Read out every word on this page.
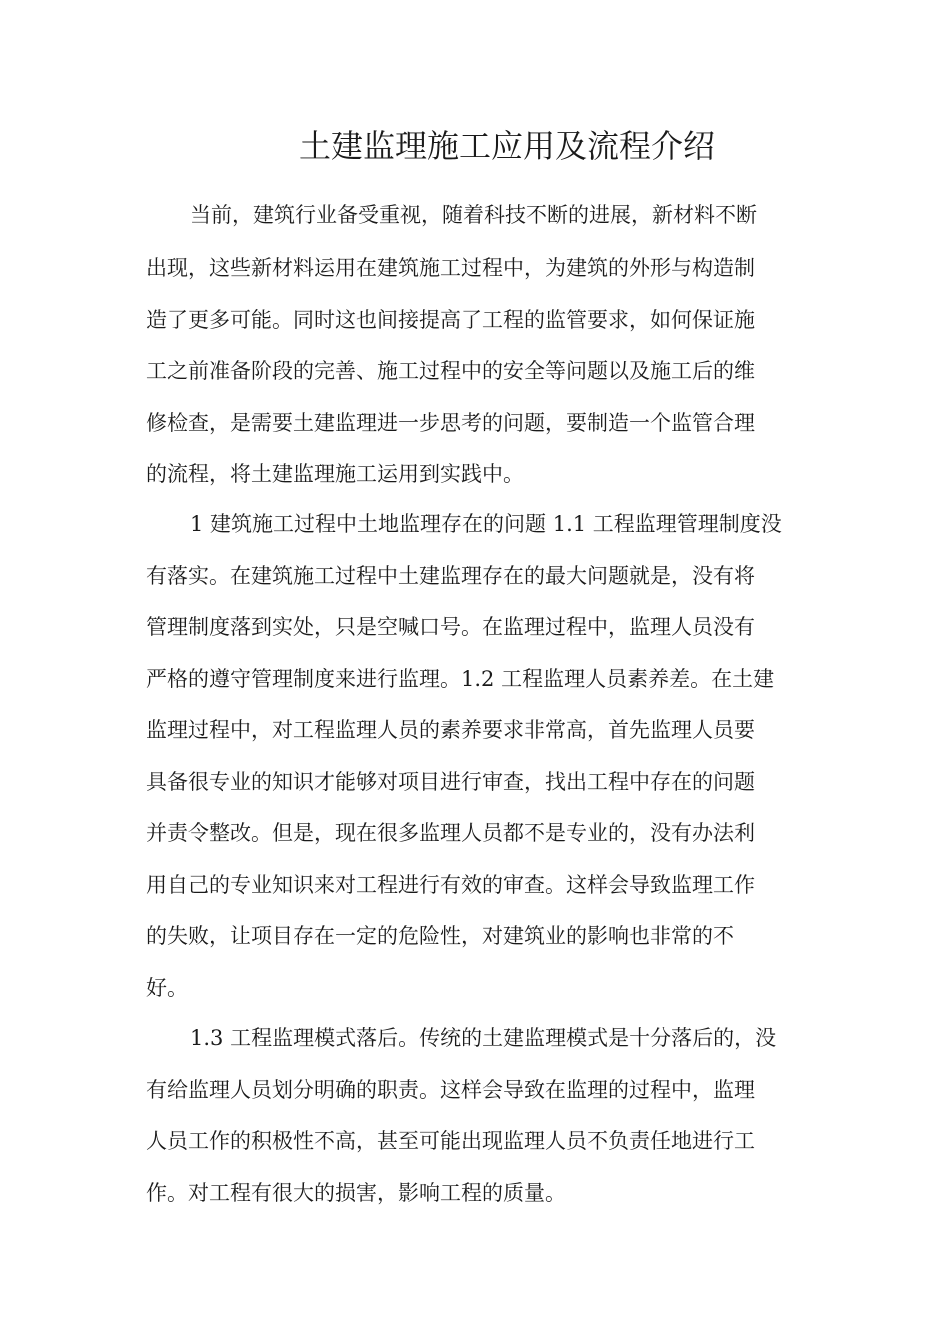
土建监理施工应用及流程介绍

当前，建筑行业备受重视，随着科技不断的进展，新材料不断

出现，这些新材料运用在建筑施工过程中，为建筑的外形与构造制

造了更多可能。同时这也间接提高了工程的监管要求，如何保证施

工之前准备阶段的完善、施工过程中的安全等问题以及施工后的维

修检查，是需要土建监理进一步思考的问题，要制造一个监管合理

的流程，将土建监理施工运用到实践中。

1 建筑施工过程中土地监理存在的问题 1.1 工程监理管理制度没

有落实。在建筑施工过程中土建监理存在的最大问题就是，没有将

管理制度落到实处，只是空喊口号。在监理过程中，监理人员没有

严格的遵守管理制度来进行监理。1.2 工程监理人员素养差。在土建

监理过程中，对工程监理人员的素养要求非常高，首先监理人员要

具备很专业的知识才能够对项目进行审查，找出工程中存在的问题

并责令整改。但是，现在很多监理人员都不是专业的，没有办法利

用自己的专业知识来对工程进行有效的审查。这样会导致监理工作

的失败，让项目存在一定的危险性，对建筑业的影响也非常的不

好。

1.3 工程监理模式落后。传统的土建监理模式是十分落后的，没

有给监理人员划分明确的职责。这样会导致在监理的过程中，监理

人员工作的积极性不高，甚至可能出现监理人员不负责任地进行工

作。对工程有很大的损害，影响工程的质量。
